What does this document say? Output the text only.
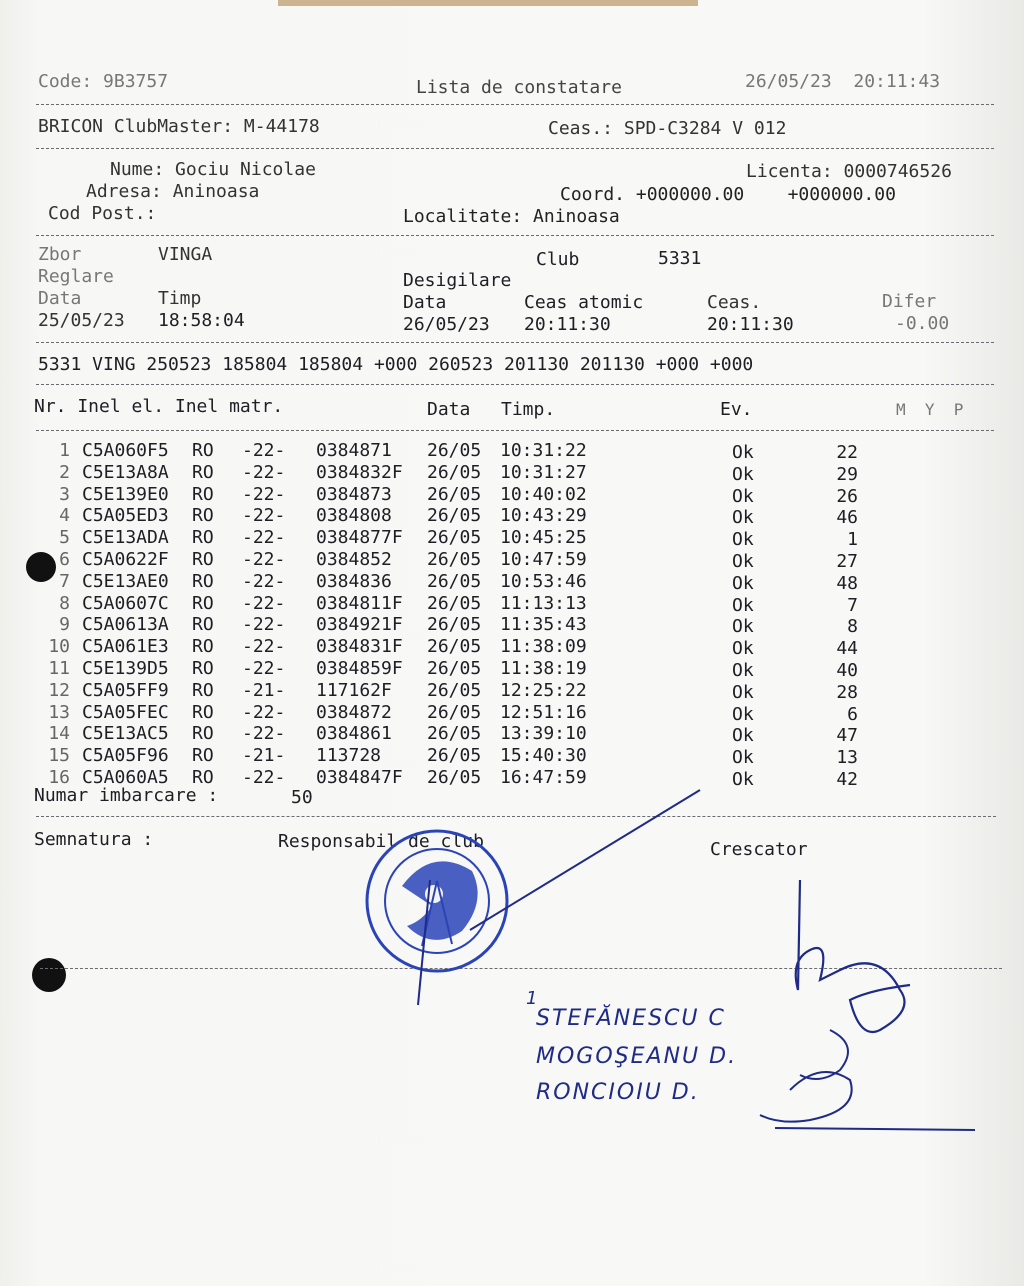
Code: 9B3757	Lista de constatare	26/05/23  20:11:43
BRICON ClubMaster: M-44178	Ceas.: SPD-C3284 V 012
Nume: Gociu Nicolae
Adresa: Aninoasa
Cod Post.:
Licenta: 0000746526
Coord. +000000.00    +000000.00
Localitate: Aninoasa
Zbor	VINGA	Club	5331
Reglare	Desigilare
Data	Timp	Data	Ceas atomic	Ceas.	Difer
25/05/23 18:58:04	26/05/23 20:11:30	20:11:30	-0.00
5331 VING 250523 185804 185804 +000 260523 201130 201130 +000 +000
Nr. Inel el. Inel matr.	Data Timp.	Ev.	M  Y  P
1 C5A060F5 RO -22- 0384871 26/05 10:31:22	Ok	22
2 C5E13A8A RO -22- 0384832F 26/05 10:31:27	Ok	29
3 C5E139E0 RO -22- 0384873 26/05 10:40:02	Ok	26
4 C5A05ED3 RO -22- 0384808 26/05 10:43:29	Ok	46
5 C5E13ADA RO -22- 0384877F 26/05 10:45:25	Ok	1
6 C5A0622F RO -22- 0384852 26/05 10:47:59	Ok	27
7 C5E13AE0 RO -22- 0384836 26/05 10:53:46	Ok	48
8 C5A0607C RO -22- 0384811F 26/05 11:13:13	Ok	7
9 C5A0613A RO -22- 0384921F 26/05 11:35:43	Ok	8
10 C5A061E3 RO -22- 0384831F 26/05 11:38:09	Ok	44
11 C5E139D5 RO -22- 0384859F 26/05 11:38:19	Ok	40
12 C5A05FF9 RO -21- 117162F 26/05 12:25:22	Ok	28
13 C5A05FEC RO -22- 0384872 26/05 12:51:16	Ok	6
14 C5E13AC5 RO -22- 0384861 26/05 13:39:10	Ok	47
15 C5A05F96 RO -21- 113728	26/05 15:40:30	Ok	13
16 C5A060A5 RO -22- 0384847F 26/05 16:47:59	Ok	42
Numar imbarcare :	50
Semnatura :	Responsabil de club	Crescator
1
STEFĂNESCU C
MOGOŞEANU D.
RONCIOIU D.
